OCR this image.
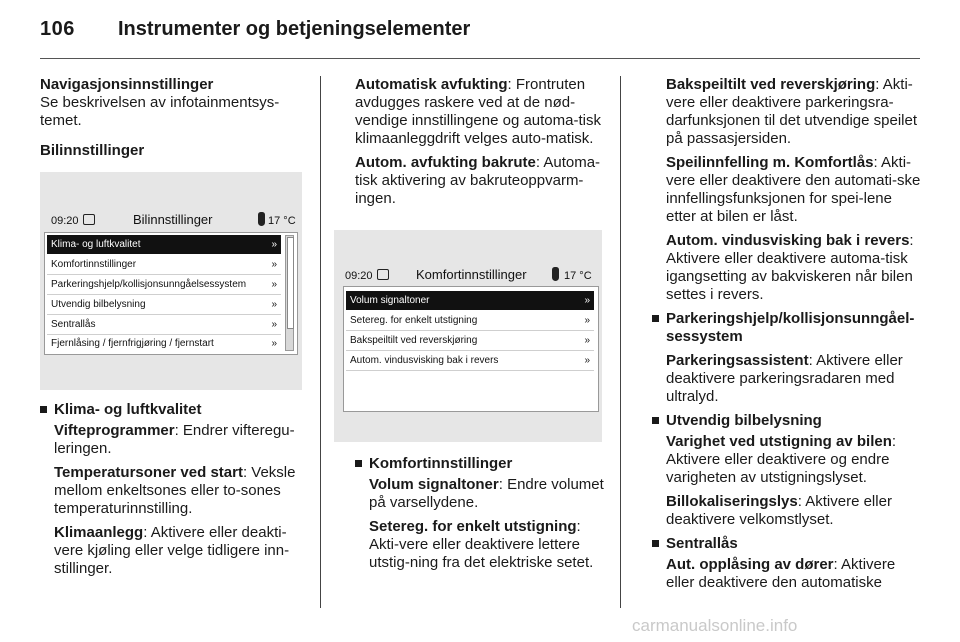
106 Instrumenter og betjeningselementer

Navigasjonsinnstillinger

Se beskrivelsen av infotainmentsys-temet.

Bilinnstillinger

09:20	Bilinnstillinger	17 °C
Klima- og luftkvalitet	»
Komfortinnstillinger	»
Parkeringshjelp/kollisjonsunngåelsessystem	»
Utvendig bilbelysning	»
Sentrallås	»
Fjernlåsing / fjernfrigjøring / fjernstart	»

Klima- og luftkvalitet

Vifteprogrammer: Endrer vifteregu-leringen.

Temperatursoner ved start: Veksle mellom enkeltsones eller to-sones temperaturinnstilling.

Klimaanlegg: Aktivere eller deakti-vere kjøling eller velge tidligere inn-stillinger.

Automatisk avfukting: Frontruten avdugges raskere ved at de nød-vendige innstillingene og automa-tisk klimaanleggdrift velges auto-matisk.

Autom. avfukting bakrute: Automa-tisk aktivering av bakruteoppvarm-ingen.

09:20	Komfortinnstillinger	17 °C
Volum signaltoner	»
Setereg. for enkelt utstigning	»
Bakspeiltilt ved reverskjøring	»
Autom. vindusvisking bak i revers	»

Komfortinnstillinger

Volum signaltoner: Endre volumet på varsellydene.

Setereg. for enkelt utstigning: Akti-vere eller deaktivere lettere utstig-ning fra det elektriske setet.

Bakspeiltilt ved reverskjøring: Akti-vere eller deaktivere parkeringsra-darfunksjonen til det utvendige speilet på passasjersiden.

Speilinnfelling m. Komfortlås: Akti-vere eller deaktivere den automati-ske innfellingsfunksjonen for spei-lene etter at bilen er låst.

Autom. vindusvisking bak i revers: Aktivere eller deaktivere automa-tisk igangsetting av bakviskeren når bilen settes i revers.

Parkeringshjelp/kollisjonsunngåel-sessystem

Parkeringsassistent: Aktivere eller deaktivere parkeringsradaren med ultralyd.

Utvendig bilbelysning

Varighet ved utstigning av bilen: Aktivere eller deaktivere og endre varigheten av utstigningslyset.

Billokaliseringslys: Aktivere eller deaktivere velkomstlyset.

Sentrallås

Aut. opplåsing av dører: Aktivere eller deaktivere den automatiske

carmanualsonline.info
